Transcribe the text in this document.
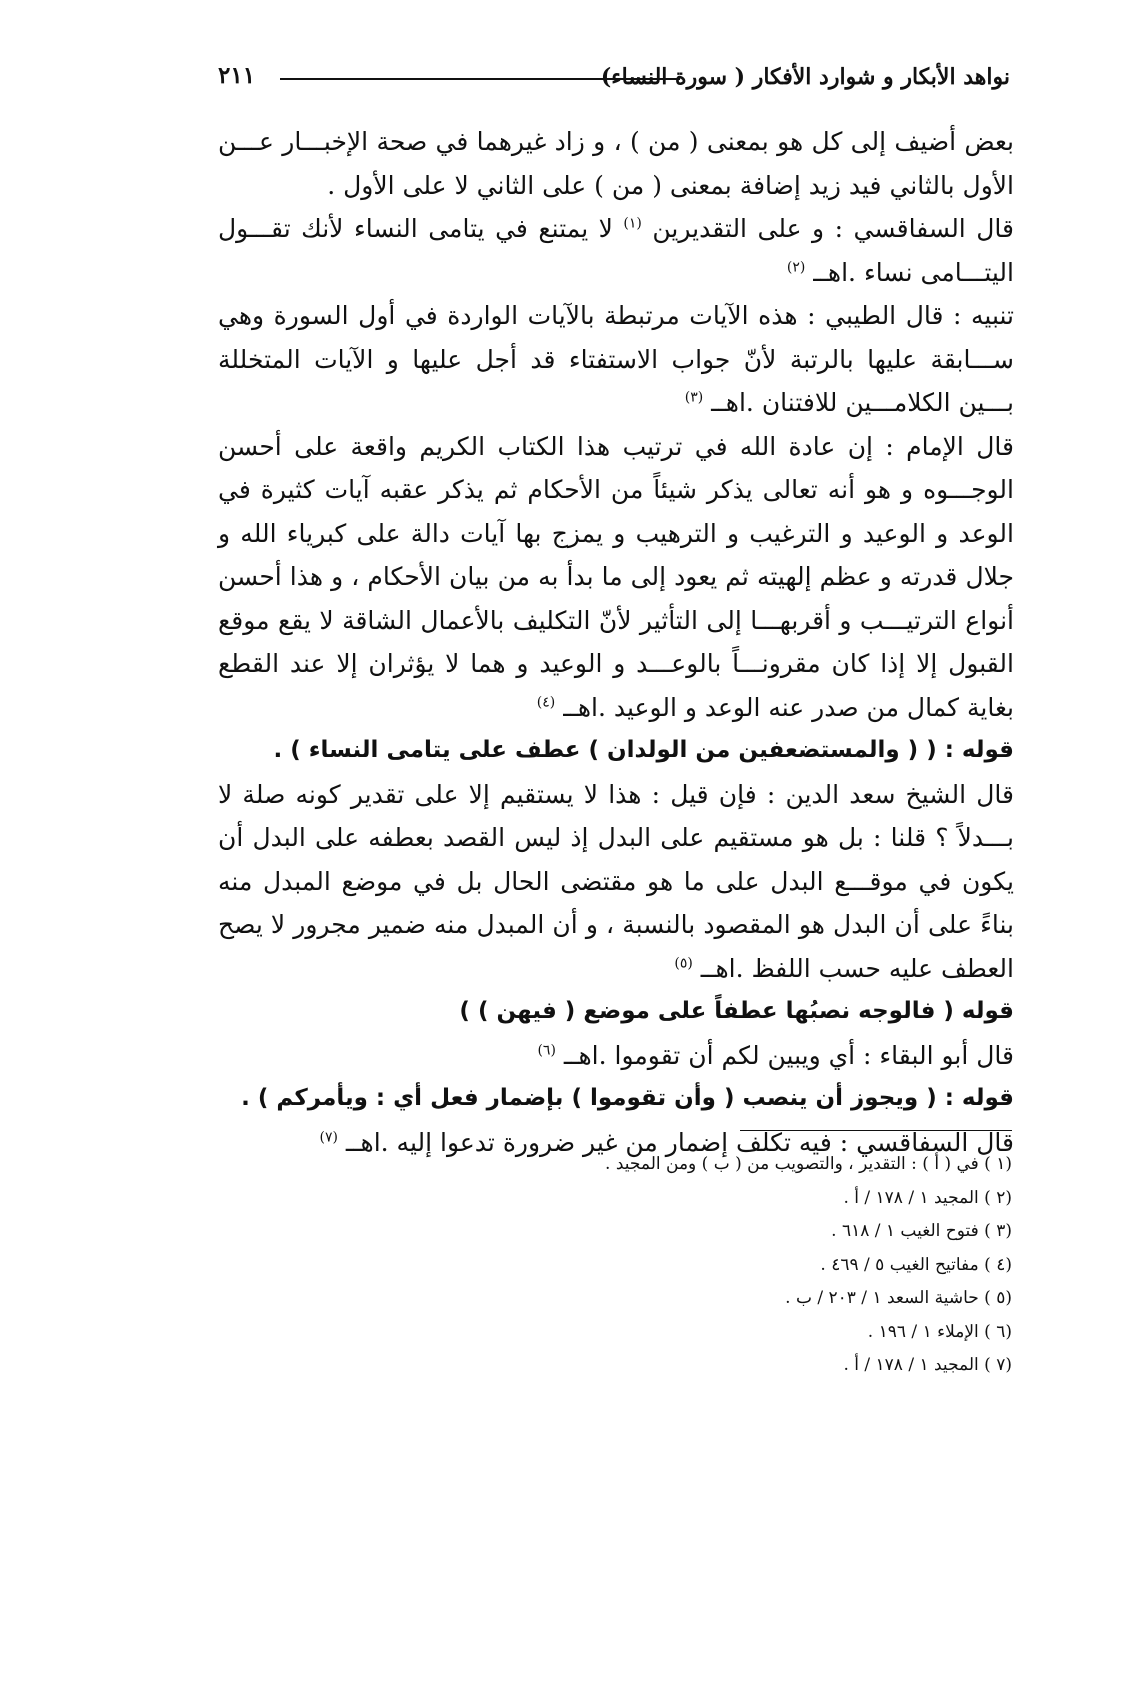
نواهد الأبكار و شوارد الأفكار ( سورة النساء)
٢١١

بعض أضيف إلى كل هو بمعنى ( من ) ، و زاد غيرهما في صحة الإخبـــار عـــن الأول بالثاني فيد زيد إضافة بمعنى ( من ) على الثاني لا على الأول .

قال السفاقسي : و على التقديرين $^{(١)}$ لا يمتنع في يتامى النساء لأنك تقـــول اليتـــامى نساء .اهــ $^{(٢)}$

تنبيه : قال الطيبي : هذه الآيات مرتبطة بالآيات الواردة في أول السورة وهي ســـابقة عليها بالرتبة لأنّ جواب الاستفتاء قد أجل عليها و الآيات المتخللة بـــين الكلامـــين للافتنان .اهــ $^{(٣)}$

قال الإمام : إن عادة الله في ترتيب هذا الكتاب الكريم واقعة على أحسن الوجـــوه و هو أنه تعالى يذكر شيئاً من الأحكام ثم يذكر عقبه آيات كثيرة في الوعد و الوعيد و الترغيب و الترهيب و يمزج بها آيات دالة على كبرياء الله و جلال قدرته و عظم إلهيته ثم يعود إلى ما بدأ به من بيان الأحكام ، و هذا أحسن أنواع الترتيـــب و أقربهـــا إلى التأثير لأنّ التكليف بالأعمال الشاقة لا يقع موقع القبول إلا إذا كان مقرونـــاً بالوعـــد و الوعيد و هما لا يؤثران إلا عند القطع بغاية كمال من صدر عنه الوعد و الوعيد .اهــ $^{(٤)}$

قوله : ( ( والمستضعفين من الولدان ) عطف على يتامى النساء ) .

قال الشيخ سعد الدين : فإن قيل : هذا لا يستقيم إلا على تقدير كونه صلة لا بـــدلاً ؟ قلنا : بل هو مستقيم على البدل إذ ليس القصد بعطفه على البدل أن يكون في موقـــع البدل على ما هو مقتضى الحال بل في موضع المبدل منه بناءً على أن البدل هو المقصود بالنسبة ، و أن المبدل منه ضمير مجرور لا يصح العطف عليه حسب اللفظ .اهــ $^{(٥)}$

قوله ( فالوجه نصبُها عطفاً على موضع ( فيهن ) )

قال أبو البقاء : أي ويبين لكم أن تقوموا .اهــ $^{(٦)}$

قوله : ( ويجوز أن ينصب ( وأن تقوموا ) بإضمار فعل أي : ويأمركم ) .

قال السفاقسي : فيه تكلف إضمار من غير ضرورة تدعوا إليه .اهــ $^{(٧)}$

(١ ) في ( أ ) : التقدير ، والتصويب من ( ب ) ومن المجيد .
(٢ ) المجيد ١ / ١٧٨ / أ .
(٣ ) فتوح الغيب ١ / ٦١٨ .
(٤ ) مفاتيح الغيب ٥ / ٤٦٩ .
(٥ ) حاشية السعد ١ / ٢٠٣ / ب .
(٦ ) الإملاء ١ / ١٩٦ .
(٧ ) المجيد ١ / ١٧٨ / أ .
